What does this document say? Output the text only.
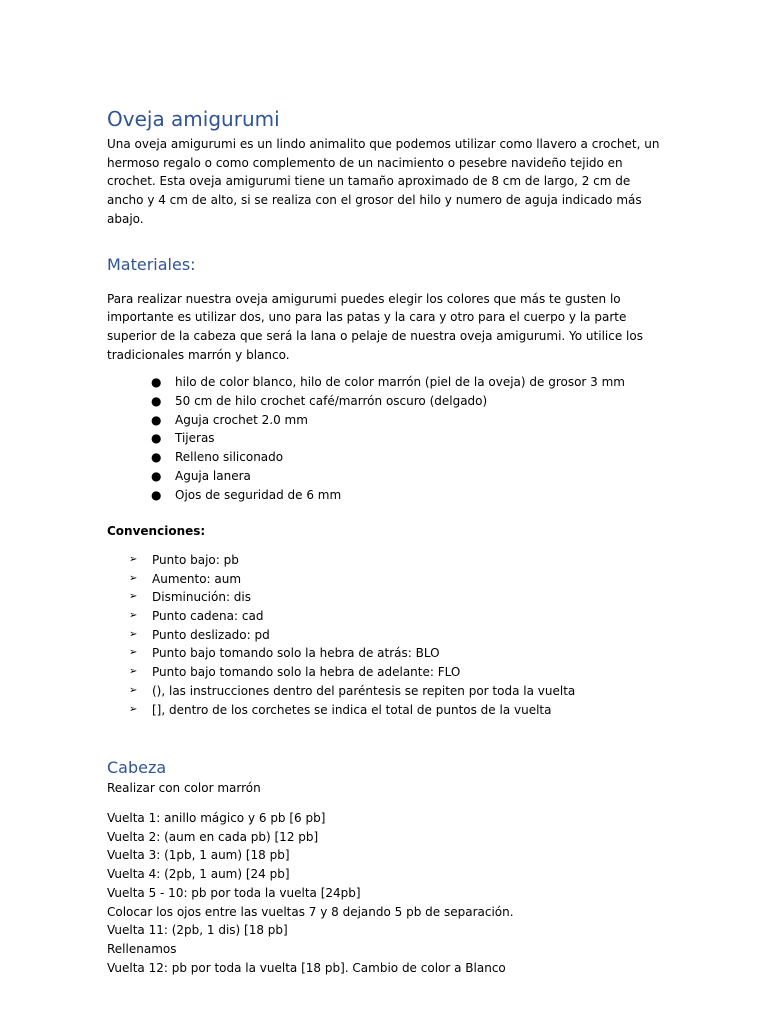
Oveja amigurumi

Una oveja amigurumi es un lindo animalito que podemos utilizar como llavero a crochet, un hermoso regalo o como complemento de un nacimiento o pesebre navideño tejido en crochet. Esta oveja amigurumi tiene un tamaño aproximado de 8 cm de largo, 2 cm de ancho y 4 cm de alto, si se realiza con el grosor del hilo y numero de aguja indicado más abajo.

Materiales:

Para realizar nuestra oveja amigurumi puedes elegir los colores que más te gusten lo importante es utilizar dos, uno para las patas y la cara y otro para el cuerpo y la parte superior de la cabeza que será la lana o pelaje de nuestra oveja amigurumi. Yo utilice los tradicionales marrón y blanco.

● hilo de color blanco, hilo de color marrón (piel de la oveja) de grosor 3 mm
● 50 cm de hilo crochet café/marrón oscuro (delgado)
● Aguja crochet 2.0 mm
● Tijeras
● Relleno siliconado
● Aguja lanera
● Ojos de seguridad de 6 mm

Convenciones:

➢ Punto bajo: pb
➢ Aumento: aum
➢ Disminución: dis
➢ Punto cadena: cad
➢ Punto deslizado: pd
➢ Punto bajo tomando solo la hebra de atrás: BLO
➢ Punto bajo tomando solo la hebra de adelante: FLO
➢ (), las instrucciones dentro del paréntesis se repiten por toda la vuelta
➢ [], dentro de los corchetes se indica el total de puntos de la vuelta
Cabeza

Realizar con color marrón

Vuelta 1: anillo mágico y 6 pb [6 pb]

Vuelta 2: (aum en cada pb) [12 pb]

Vuelta 3: (1pb, 1 aum) [18 pb]

Vuelta 4: (2pb, 1 aum) [24 pb]

Vuelta 5 - 10: pb por toda la vuelta [24pb]

Colocar los ojos entre las vueltas 7 y 8 dejando 5 pb de separación.

Vuelta 11: (2pb, 1 dis) [18 pb]

Rellenamos

Vuelta 12: pb por toda la vuelta [18 pb]. Cambio de color a Blanco
